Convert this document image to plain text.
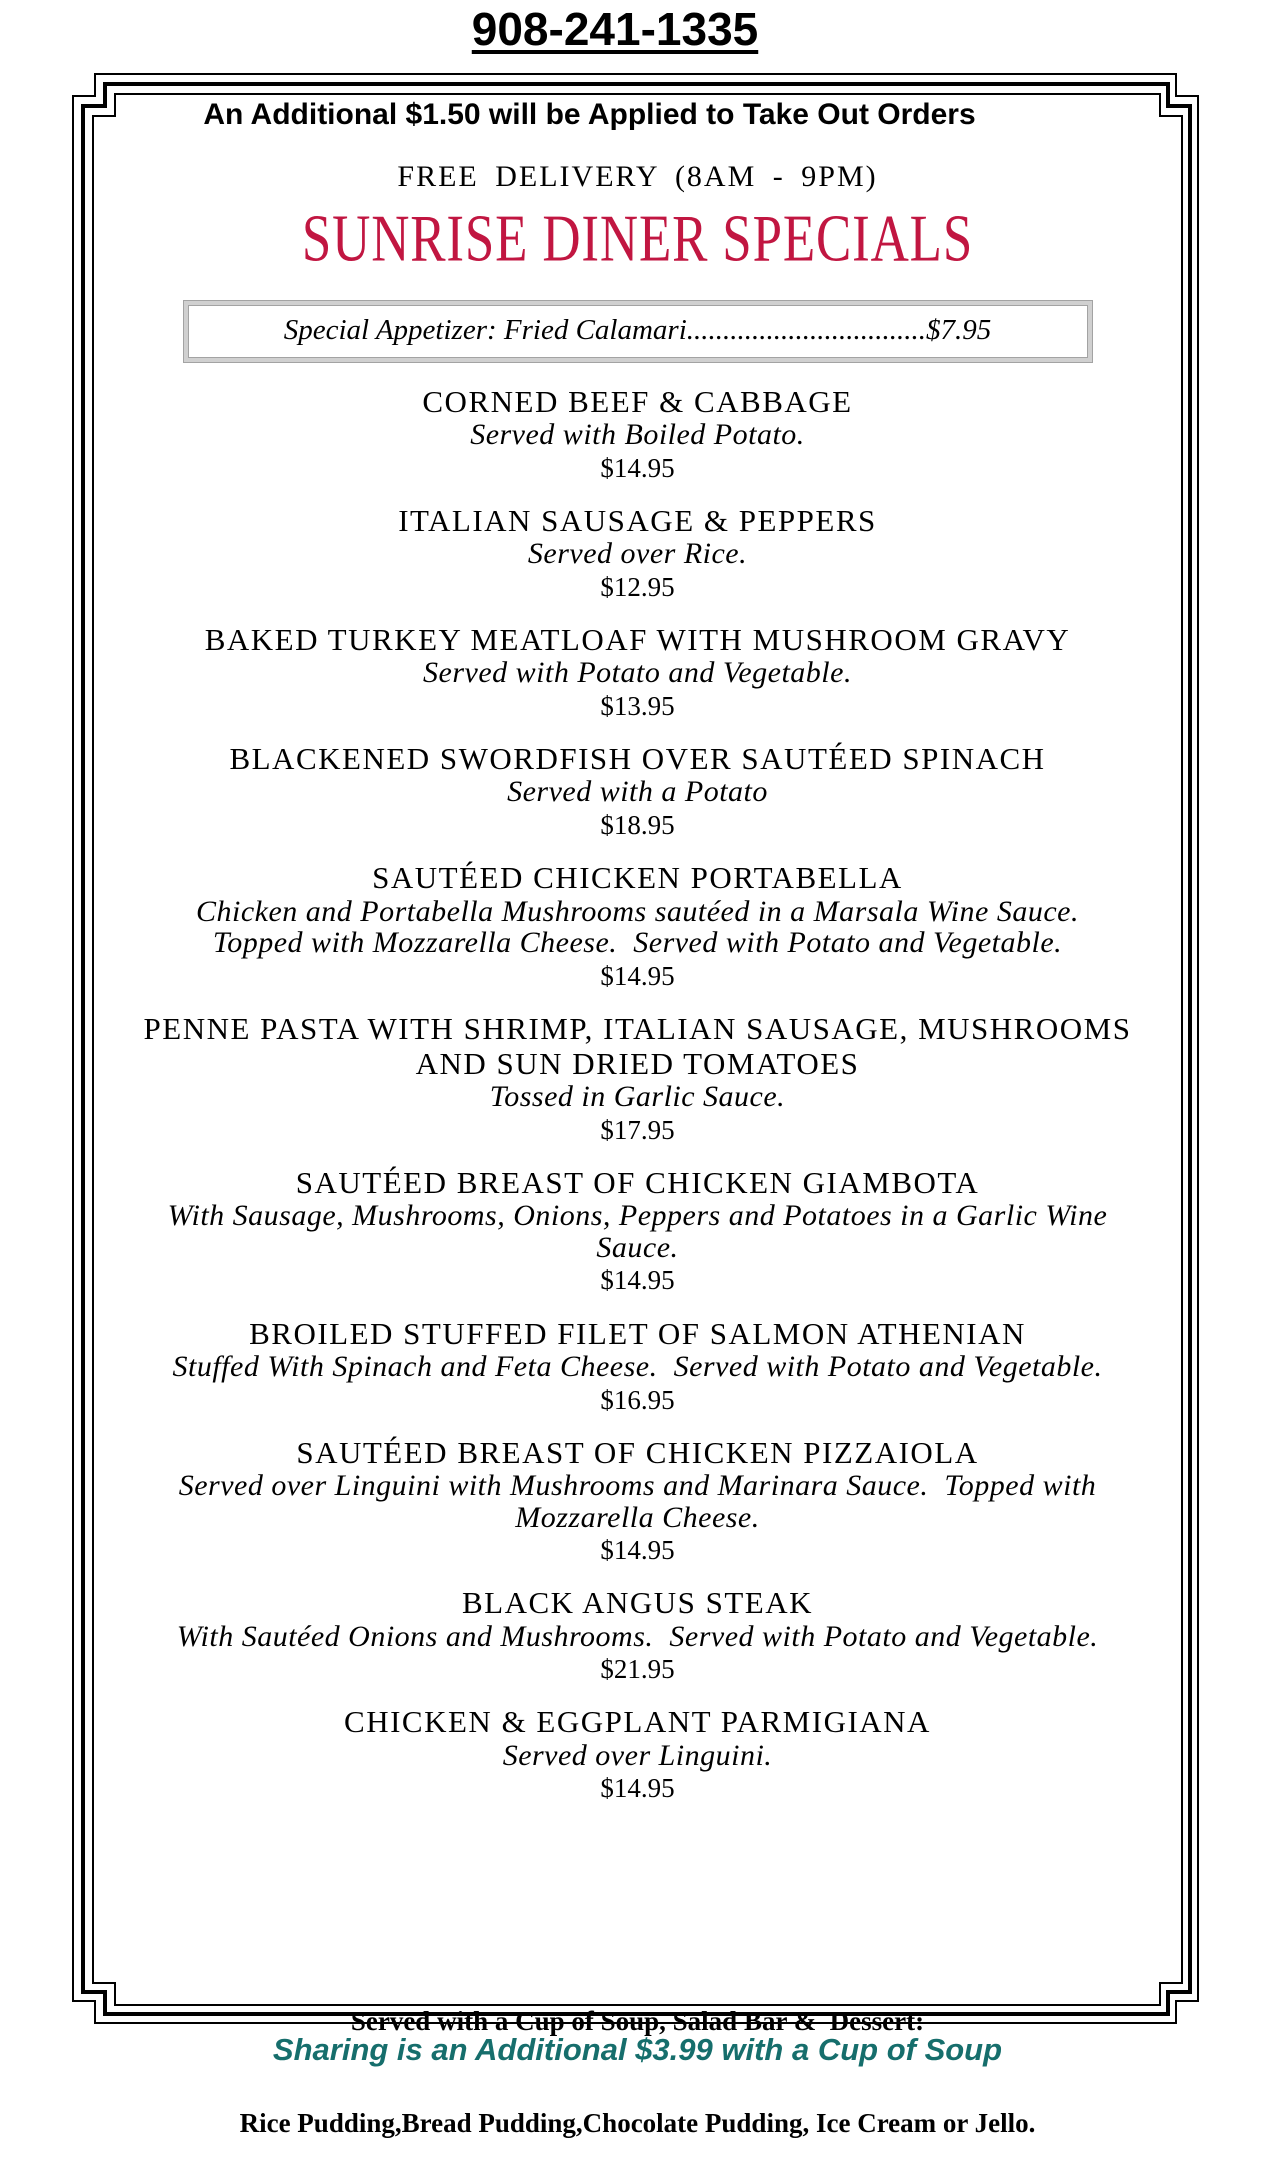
908-241-1335
An Additional $1.50 will be Applied to Take Out Orders
FREE DELIVERY (8AM - 9PM)
SUNRISE DINER SPECIALS
Special Appetizer: Fried Calamari.................................$7.95
CORNED BEEF & CABBAGE
Served with Boiled Potato.
$14.95
ITALIAN SAUSAGE & PEPPERS
Served over Rice.
$12.95
BAKED TURKEY MEATLOAF WITH MUSHROOM GRAVY
Served with Potato and Vegetable.
$13.95
BLACKENED SWORDFISH OVER SAUTÉED SPINACH
Served with a Potato
$18.95
SAUTÉED CHICKEN PORTABELLA
Chicken and Portabella Mushrooms sautéed in a Marsala Wine Sauce.
Topped with Mozzarella Cheese.  Served with Potato and Vegetable.
$14.95
PENNE PASTA WITH SHRIMP, ITALIAN SAUSAGE, MUSHROOMS
AND SUN DRIED TOMATOES
Tossed in Garlic Sauce.
$17.95
SAUTÉED BREAST OF CHICKEN GIAMBOTA
With Sausage, Mushrooms, Onions, Peppers and Potatoes in a Garlic Wine
Sauce.
$14.95
BROILED STUFFED FILET OF SALMON ATHENIAN
Stuffed With Spinach and Feta Cheese.  Served with Potato and Vegetable.
$16.95
SAUTÉED BREAST OF CHICKEN PIZZAIOLA
Served over Linguini with Mushrooms and Marinara Sauce.  Topped with
Mozzarella Cheese.
$14.95
BLACK ANGUS STEAK
With Sautéed Onions and Mushrooms.  Served with Potato and Vegetable.
$21.95
CHICKEN & EGGPLANT PARMIGIANA
Served over Linguini.
$14.95

Served with a Cup of Soup, Salad Bar &  Dessert:

Rice Pudding,Bread Pudding,Chocolate Pudding, Ice Cream or Jello.

Sharing is an Additional $3.99 with a Cup of Soup
